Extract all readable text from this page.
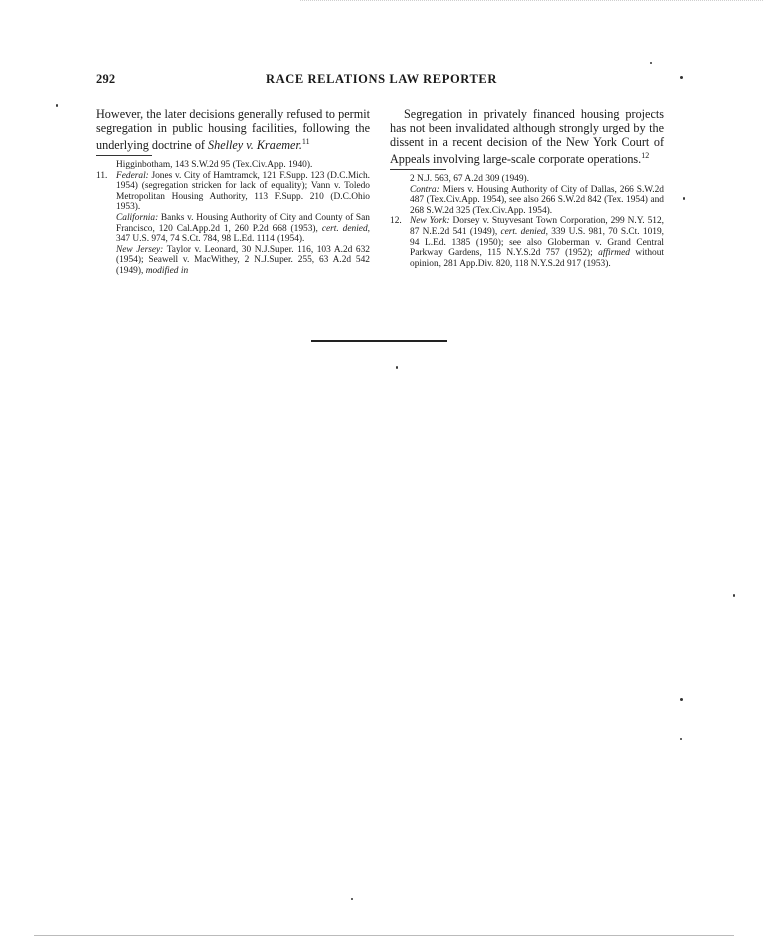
292	RACE RELATIONS LAW REPORTER

However, the later decisions generally refused to permit segregation in public housing facilities, following the underlying doctrine of Shelley v. Kraemer.$^{11}$

Higginbotham, 143 S.W.2d 95 (Tex.Civ.App. 1940).

11. Federal: Jones v. City of Hamtramck, 121 F.Supp. 123 (D.C.Mich. 1954) (segregation stricken for lack of equality); Vann v. Toledo Metropolitan Housing Authority, 113 F.Supp. 210 (D.C.Ohio 1953).

California: Banks v. Housing Authority of City and County of San Francisco, 120 Cal.App.2d 1, 260 P.2d 668 (1953), cert. denied, 347 U.S. 974, 74 S.Ct. 784, 98 L.Ed. 1114 (1954).

New Jersey: Taylor v. Leonard, 30 N.J.Super. 116, 103 A.2d 632 (1954); Seawell v. MacWithey, 2 N.J.Super. 255, 63 A.2d 542 (1949), modified in

Segregation in privately financed housing projects has not been invalidated although strongly urged by the dissent in a recent decision of the New York Court of Appeals involving large-scale corporate operations.$^{12}$

2 N.J. 563, 67 A.2d 309 (1949).

Contra: Miers v. Housing Authority of City of Dallas, 266 S.W.2d 487 (Tex.Civ.App. 1954), see also 266 S.W.2d 842 (Tex. 1954) and 268 S.W.2d 325 (Tex.Civ.App. 1954).

12. New York: Dorsey v. Stuyvesant Town Corporation, 299 N.Y. 512, 87 N.E.2d 541 (1949), cert. denied, 339 U.S. 981, 70 S.Ct. 1019, 94 L.Ed. 1385 (1950); see also Globerman v. Grand Central Parkway Gardens, 115 N.Y.S.2d 757 (1952); affirmed without opinion, 281 App.Div. 820, 118 N.Y.S.2d 917 (1953).
